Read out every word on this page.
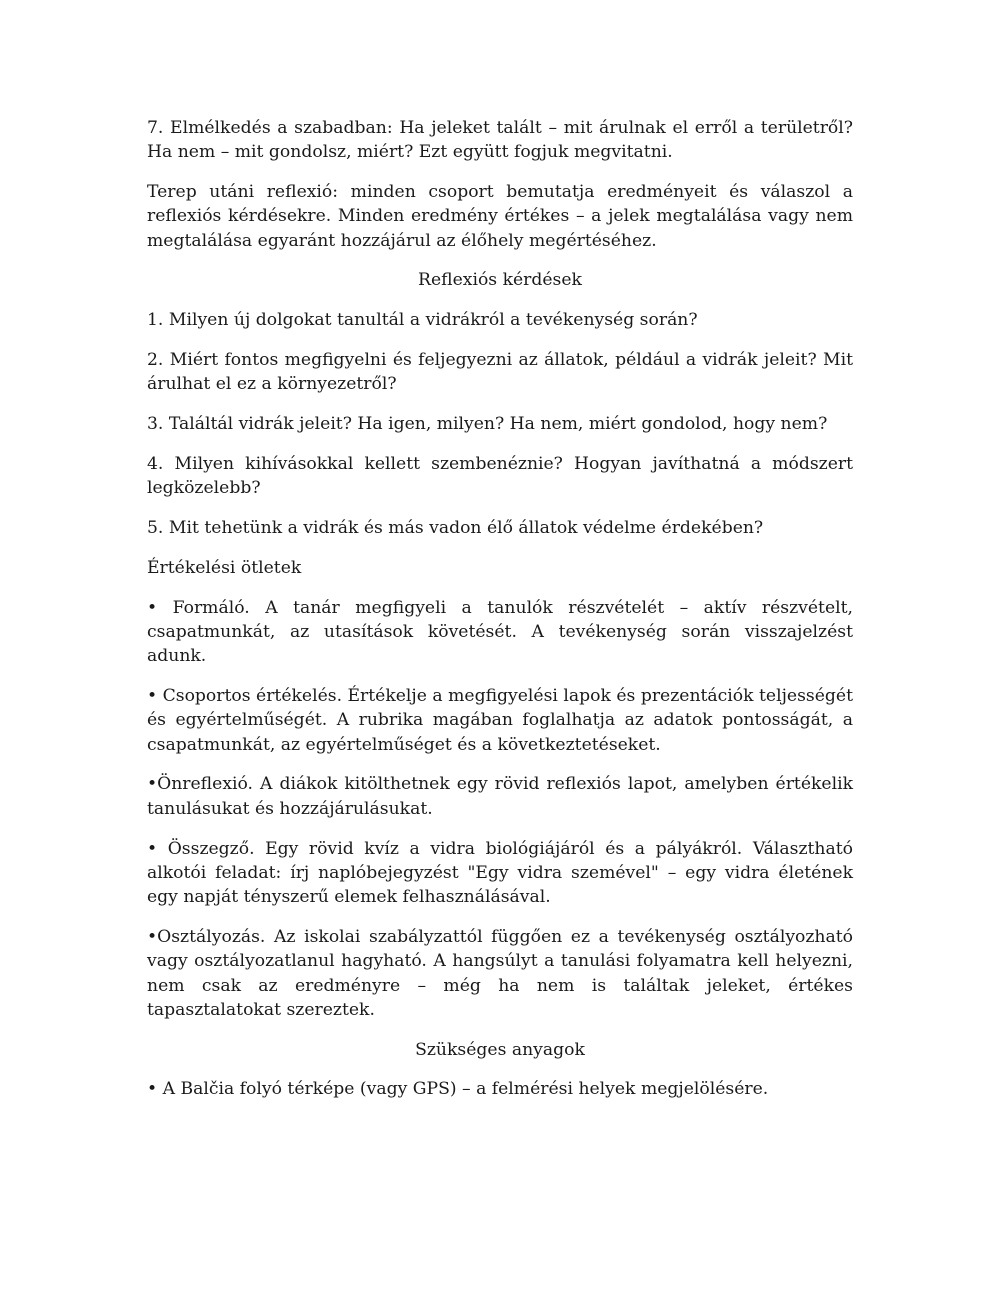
7. Elmélkedés a szabadban: Ha jeleket talált – mit árulnak el erről a területről? Ha nem – mit gondolsz, miért? Ezt együtt fogjuk megvitatni.

Terep utáni reflexió: minden csoport bemutatja eredményeit és válaszol a reflexiós kérdésekre. Minden eredmény értékes – a jelek megtalálása vagy nem megtalálása egyaránt hozzájárul az élőhely megértéséhez.

Reflexiós kérdések

1. Milyen új dolgokat tanultál a vidrákról a tevékenység során?

2. Miért fontos megfigyelni és feljegyezni az állatok, például a vidrák jeleit? Mit árulhat el ez a környezetről?

3. Találtál vidrák jeleit? Ha igen, milyen? Ha nem, miért gondolod, hogy nem?

4. Milyen kihívásokkal kellett szembenéznie? Hogyan javíthatná a módszert legközelebb?

5. Mit tehetünk a vidrák és más vadon élő állatok védelme érdekében?

Értékelési ötletek

• Formáló. A tanár megfigyeli a tanulók részvételét – aktív részvételt, csapatmunkát, az utasítások követését. A tevékenység során visszajelzést adunk.

• Csoportos értékelés. Értékelje a megfigyelési lapok és prezentációk teljességét és egyértelműségét. A rubrika magában foglalhatja az adatok pontosságát, a csapatmunkát, az egyértelműséget és a következtetéseket.

•Önreflexió. A diákok kitölthetnek egy rövid reflexiós lapot, amelyben értékelik tanulásukat és hozzájárulásukat.

• Összegző. Egy rövid kvíz a vidra biológiájáról és a pályákról. Választható alkotói feladat: írj naplóbejegyzést "Egy vidra szemével" – egy vidra életének egy napját tényszerű elemek felhasználásával.

•Osztályozás. Az iskolai szabályzattól függően ez a tevékenység osztályozható vagy osztályozatlanul hagyható. A hangsúlyt a tanulási folyamatra kell helyezni, nem csak az eredményre – még ha nem is találtak jeleket, értékes tapasztalatokat szereztek.

Szükséges anyagok

• A Balčia folyó térképe (vagy GPS) – a felmérési helyek megjelölésére.
